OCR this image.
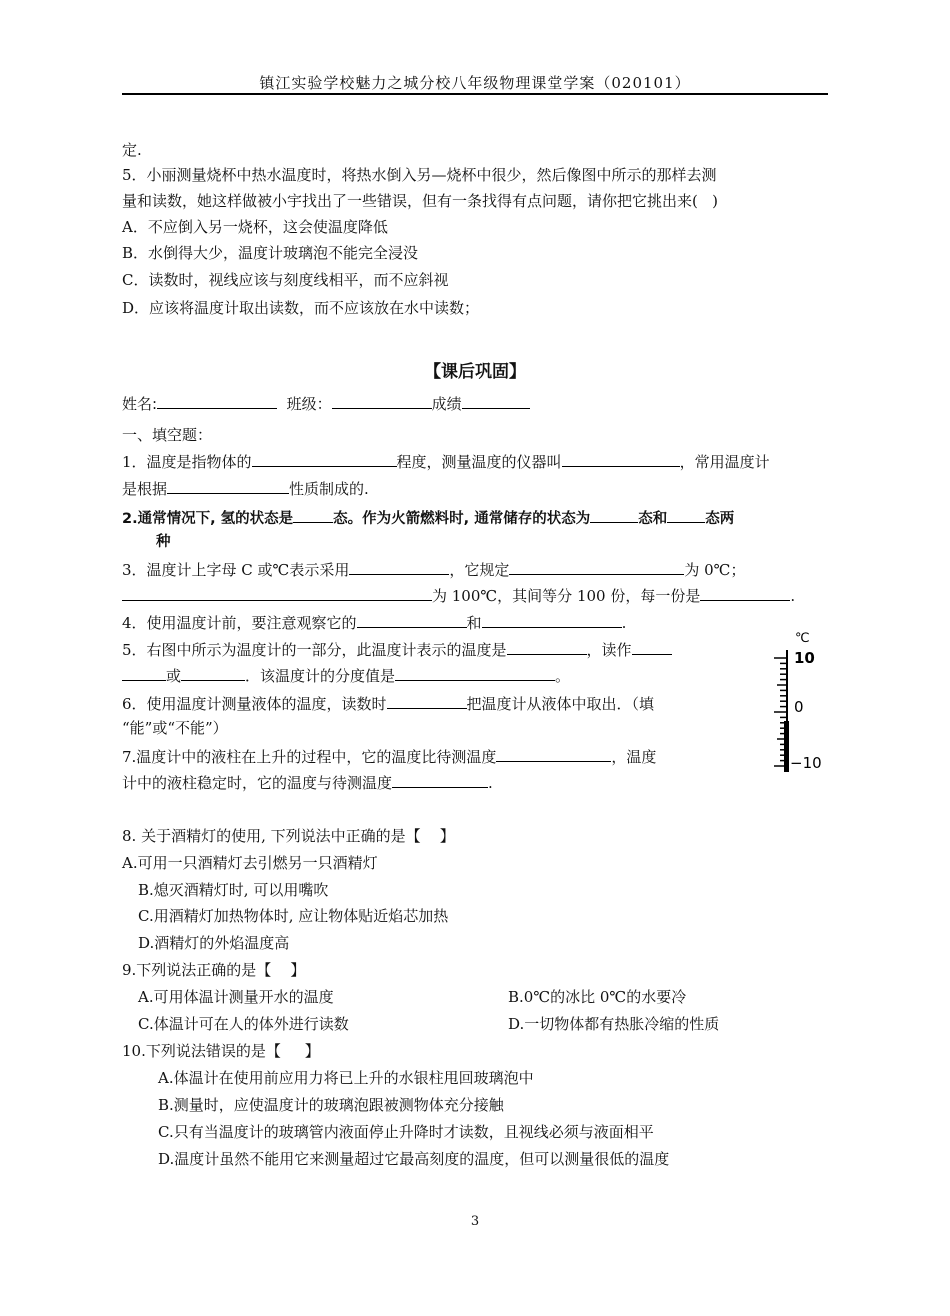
镇江实验学校魅力之城分校八年级物理课堂学案（020101）
定.
5．小丽测量烧杯中热水温度时，将热水倒入另—烧杯中很少，然后像图中所示的那样去测
量和读数，她这样做被小宇找出了一些错误，但有一条找得有点问题，请你把它挑出来(   )
A．不应倒入另一烧杯，这会使温度降低
B．水倒得大少，温度计玻璃泡不能完全浸没
C．读数时，视线应该与刻度线相平，而不应斜视
D．应该将温度计取出读数，而不应该放在水中读数；
【课后巩固】
姓名:	班级：	成绩
一、填空题：
1．温度是指物体的	程度，测量温度的仪器叫	，常用温度计
是根据	性质制成的.
2.通常情况下, 氢的状态是	态。作为火箭燃料时, 通常储存的状态为	态和	态两
种
3．温度计上字母 C 或℃表示采用	，它规定	为 0℃；
为 100℃，其间等分 100 份，每一份是	.
4．使用温度计前，要注意观察它的	和	.
5．右图中所示为温度计的一部分，此温度计表示的温度是	，读作
或	．该温度计的分度值是	。
6．使用温度计测量液体的温度，读数时	把温度计从液体中取出．（填
“能”或“不能”）
7.温度计中的液柱在上升的过程中，它的温度比待测温度	，温度
计中的液柱稳定时，它的温度与待测温度	.
℃
10
0
−10
8. 关于酒精灯的使用, 下列说法中正确的是【    】
A.可用一只酒精灯去引燃另一只酒精灯
B.熄灭酒精灯时, 可以用嘴吹
C.用酒精灯加热物体时, 应让物体贴近焰芯加热
D.酒精灯的外焰温度高
9.下列说法正确的是【    】
A.可用体温计测量开水的温度	B.0℃的冰比 0℃的水要冷
C.体温计可在人的体外进行读数	D.一切物体都有热胀冷缩的性质
10.下列说法错误的是【     】
A.体温计在使用前应用力将已上升的水银柱甩回玻璃泡中
B.测量时，应使温度计的玻璃泡跟被测物体充分接触
C.只有当温度计的玻璃管内液面停止升降时才读数，且视线必须与液面相平
D.温度计虽然不能用它来测量超过它最高刻度的温度，但可以测量很低的温度
3
